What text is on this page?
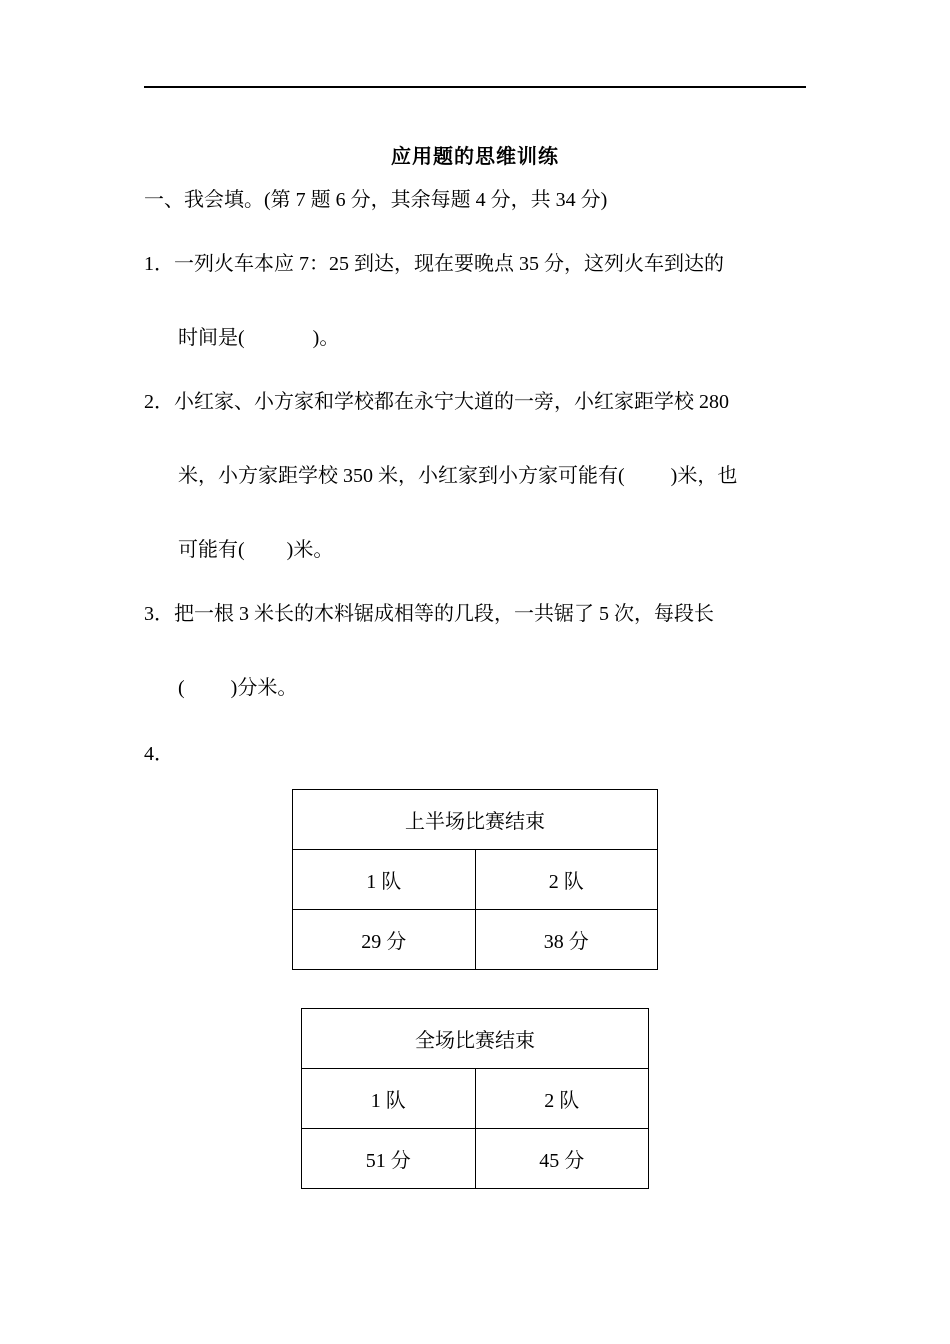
应用题的思维训练
一、我会填。(第 7 题 6 分，其余每题 4 分，共 34 分)
1．一列火车本应 7：25 到达，现在要晚点 35 分，这列火车到达的
时间是(	)。
2．小红家、小方家和学校都在永宁大道的一旁，小红家距学校 280
米，小方家距学校 350 米，小红家到小方家可能有( )米，也
可能有( )米。
3．把一根 3 米长的木料锯成相等的几段，一共锯了 5 次，每段长
( )分米。
4．
上半场比赛结束	
1 队	2 队
29 分	38 分
全场比赛结束	
1 队	2 队
51 分	45 分
